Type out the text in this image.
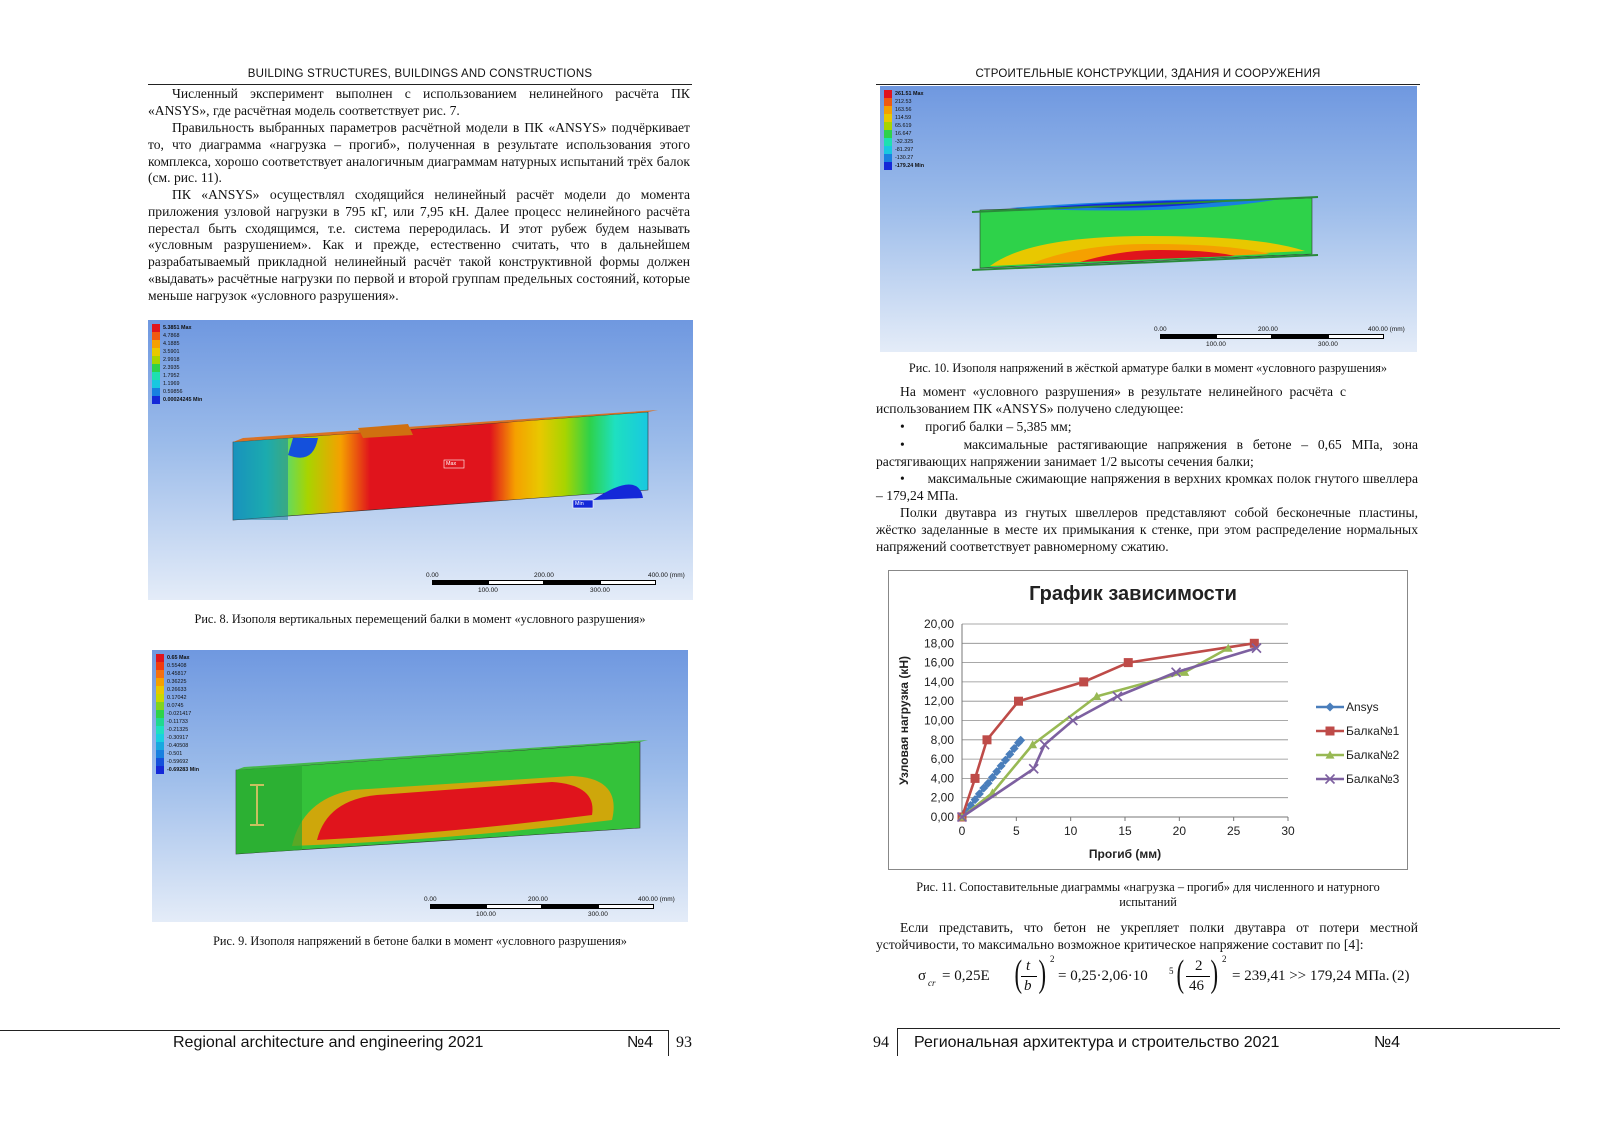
BUILDING STRUCTURES, BUILDINGS AND CONSTRUCTIONS

Численный эксперимент выполнен с использованием нелинейного расчёта ПК «ANSYS», где расчётная модель соответствует рис. 7.

Правильность выбранных параметров расчётной модели в ПК «ANSYS» подчёркивает то, что диаграмма «нагрузка – прогиб», полученная в результате использования этого комплекса, хорошо соответствует аналогичным диаграммам натурных испытаний трёх балок (см. рис. 11).

ПК «ANSYS» осуществлял сходящийся нелинейный расчёт модели до момента приложения узловой нагрузки в 795 кГ, или 7,95 кН. Далее процесс нелинейного расчёта перестал быть сходящимся, т.е. система переродилась. И этот рубеж будем называть «условным разрушением». Как и прежде, естественно считать, что в дальнейшем разрабатываемый прикладной нелинейный расчёт такой конструктивной формы должен «выдавать» расчётные нагрузки по первой и второй группам предельных состояний, которые меньше нагрузок «условного разрушения».

5.3851 Max
4.7868
4.1885
3.5901
2.9918
2.3935
1.7952
1.1969
0.59856
0.00024245 Min
Max
Min
0.00	200.00	400.00 (mm)
100.00	300.00
Рис. 8. Изополя вертикальных перемещений балки в момент «условного разрушения»
0.65 Max
0.55408
0.45817
0.36225
0.26633
0.17042
0.0745
-0.021417
-0.11733
-0.21325
-0.30917
-0.40508
-0.501
-0.59692
-0.69283 Min
0.00	200.00	400.00 (mm)
100.00	300.00
Рис. 9. Изополя напряжений в бетоне балки в момент «условного разрушения»
Regional architecture and engineering 2021	№4 93
СТРОИТЕЛЬНЫЕ КОНСТРУКЦИИ, ЗДАНИЯ И СООРУЖЕНИЯ
261.51 Max
212.53
163.56
114.59
65.619
16.647
-32.325
-81.297
-130.27
-179.24 Min
0.00	200.00	400.00 (mm)
100.00	300.00
Рис. 10. Изополя напряжений в жёсткой арматуре балки в момент «условного разрушения»

На момент «условного разрушения» в результате нелинейного расчёта с использованием ПК «ANSYS» получено следующее:

•      прогиб балки – 5,385 мм;
•      максимальные растягивающие напряжения в бетоне – 0,65 МПа, зона растягивающих напряжении занимает 1/2 высоты сечения балки;
•      максимальные сжимающие напряжения в верхних кромках полок гнутого швеллера – 179,24 МПа.

Полки двутавра из гнутых швеллеров представляют собой бесконечные пластины, жёстко заделанные в месте их примыкания к стенке, при этом распределение нормальных напряжений соответствует равномерному сжатию.

График зависимости
0,00
2,00
4,00
6,00
8,00
10,00
12,00
14,00
16,00
18,00
20,00
0	5	10	15	20	25	30
Прогиб (мм)
Узловая нагрузка (кН)	Ansys
Балка№1
Балка№2
Балка№3
Рис. 11. Сопоставительные диаграммы «нагрузка – прогиб» для численного и натурного испытаний

Если представить, что бетон не укрепляет полки двутавра от потери местной устойчивости, то максимально возможное критическое напряжение составит по [4]:

σ cr = 0,25E ( t
b ) 2
= 0,25·2,06·10 5 ( 2
46 ) 2
= 239,41 >> 179,24 МПа. (2)
94 Региональная архитектура и строительство 2021	№4
